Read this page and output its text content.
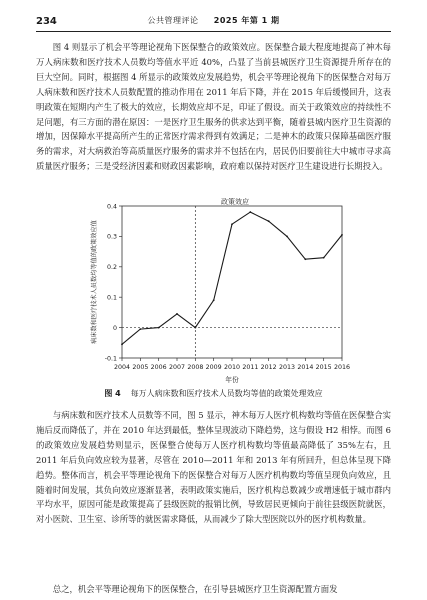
234	公共管理评论 2025 年第 1 期

图 4 则显示了机会平等理论视角下医保整合的政策效应。医保整合最大程度地提高了神木每万人病床数和医疗技术人员数均等值水平近 40%，凸显了当前县城医疗卫生资源提升所存在的巨大空间。同时，根据图 4 所显示的政策效应发展趋势，机会平等理论视角下的医保整合对每万人病床数和医疗技术人员数配置的推动作用在 2011 年后下降，并在 2015 年后缓慢回升，这表明政策在短期内产生了极大的效应，长期效应却不足，印证了假设。而关于政策效应的持续性不足问题，有三方面的潜在原因：一是医疗卫生服务的供求达到平衡，随着县城内医疗卫生资源的增加，因保障水平提高所产生的正常医疗需求得到有效满足；二是神木的政策只保障基础医疗服务的需求，对大病救治等高质量医疗服务的需求并不包括在内，居民仍旧要前往大中城市寻求高质量医疗服务；三是受经济因素和财政因素影响，政府难以保持对医疗卫生建设进行长期投入。

-0.1
0
0.1
0.2
0.3
0.4
2004 2005 2006 2007 2008 2009 2010 2011 2012 2013 2014 2015 2016
政策效应
年份
病床数和医疗技术人员数均等值的政策效应值
图 4 每万人病床数和医疗技术人员数均等值的政策处理效应

与病床数和医疗技术人员数等不同，图 5 显示，神木每万人医疗机构数均等值在医保整合实施后反而降低了，并在 2010 年达到最低，整体呈现波动下降趋势，这与假设 H2 相悖。而图 6 的政策效应发展趋势则显示，医保整合使每万人医疗机构数均等值最高降低了 35%左右，且 2011 年后负向效应较为显著，尽管在 2010—2011 年和 2013 年有所回升，但总体呈现下降趋势。整体而言，机会平等理论视角下的医保整合对每万人医疗机构数均等值呈现负向效应，且随着时间发展，其负向效应逐渐显著，表明政策实施后，医疗机构总数减少或增速低于城市群内平均水平，原因可能是政策提高了县级医院的报销比例，导致居民更倾向于前往县级医院就医，对小医院、卫生室、诊所等的就医需求降低，从而减少了除大型医院以外的医疗机构数量。

总之，机会平等理论视角下的医保整合，在引导县城医疗卫生资源配置方面发
